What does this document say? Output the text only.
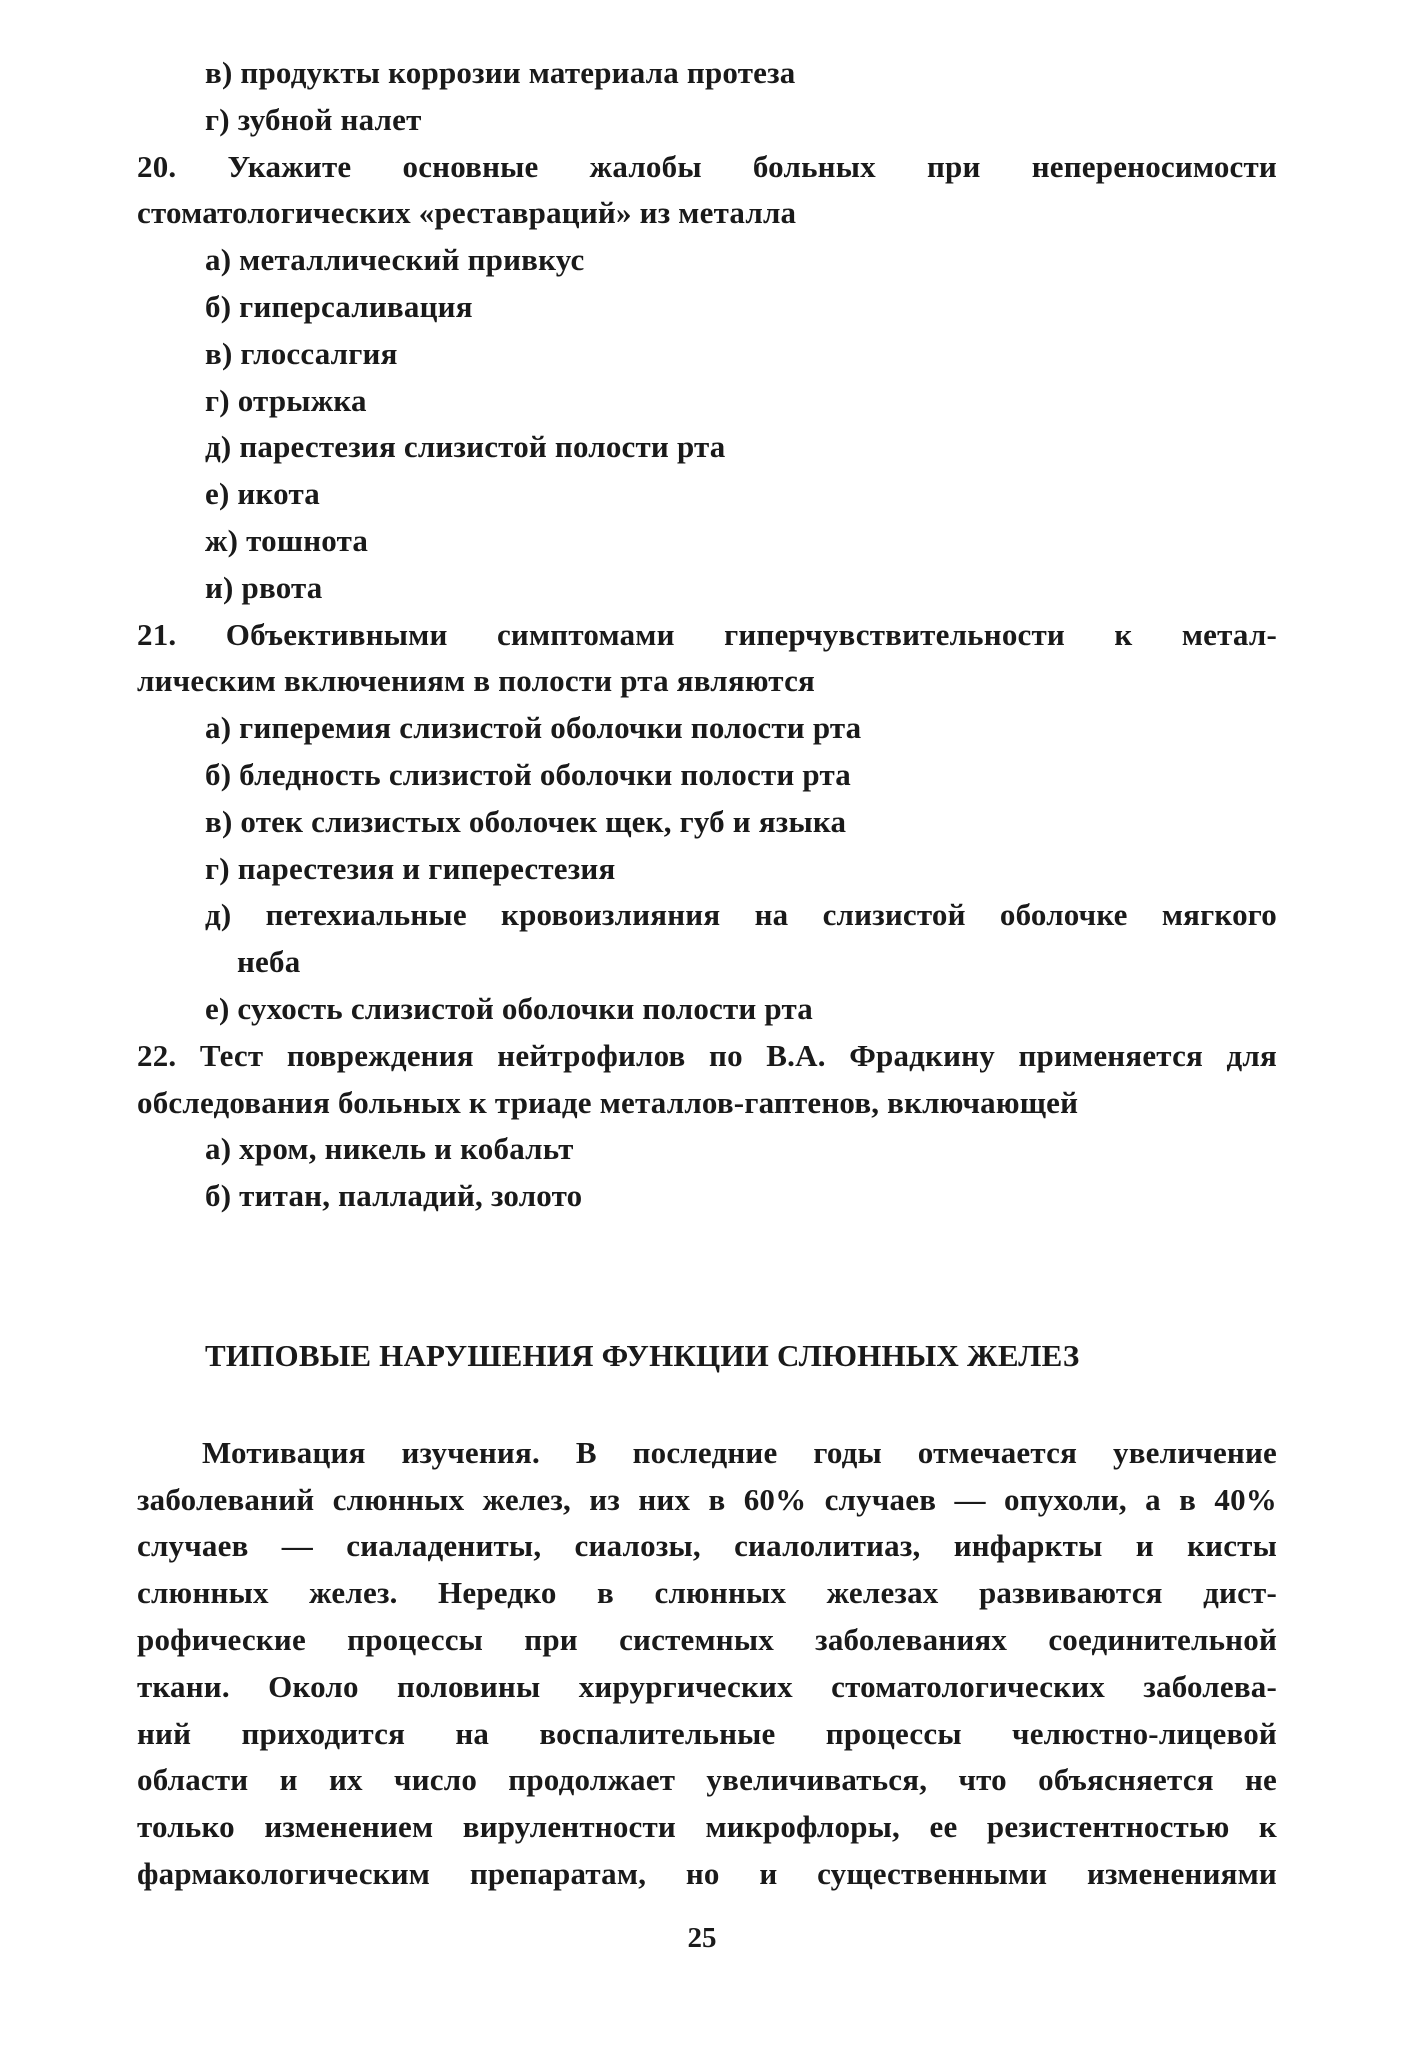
в) продукты коррозии материала протеза
г) зубной налет
20. Укажите основные жалобы больных при непереносимости
стоматологических «реставраций» из металла
а) металлический привкус
б) гиперсаливация
в) глоссалгия
г) отрыжка
д) парестезия слизистой полости рта
е) икота
ж) тошнота
и) рвота
21. Объективными симптомами гиперчувствительности к метал-
лическим включениям в полости рта являются
а) гиперемия слизистой оболочки полости рта
б) бледность слизистой оболочки полости рта
в) отек слизистых оболочек щек, губ и языка
г) парестезия и гиперестезия
д) петехиальные кровоизлияния на слизистой оболочке мягкого
неба
е) сухость слизистой оболочки полости рта
22. Тест повреждения нейтрофилов по В.А. Фрадкину применяется для
обследования больных к триаде металлов-гаптенов, включающей
а) хром, никель и кобальт
б) титан, палладий, золото
ТИПОВЫЕ НАРУШЕНИЯ ФУНКЦИИ СЛЮННЫХ ЖЕЛЕЗ
Мотивация изучения. В последние годы отмечается увеличение
заболеваний слюнных желез, из них в 60% случаев — опухоли, а в 40%
случаев — сиаладениты, сиалозы, сиалолитиаз, инфаркты и кисты
слюнных желез. Нередко в слюнных железах развиваются дист-
рофические процессы при системных заболеваниях соединительной
ткани. Около половины хирургических стоматологических заболева-
ний приходится на воспалительные процессы челюстно-лицевой
области и их число продолжает увеличиваться, что объясняется не
только изменением вирулентности микрофлоры, ее резистентностью к
фармакологическим препаратам, но и существенными изменениями
25
